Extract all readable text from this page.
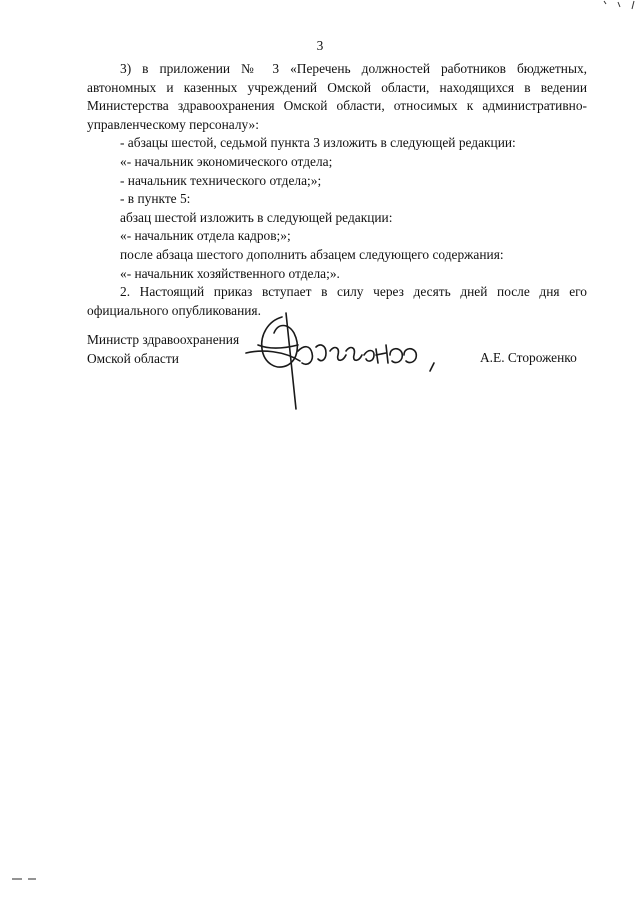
3

3) в приложении № 3 «Перечень должностей работников бюджетных, автономных и казенных учреждений Омской области, находящихся в ведении Министерства здравоохранения Омской области, относимых к административно-управленческому персоналу»:

- абзацы шестой, седьмой пункта 3 изложить в следующей редакции:

«- начальник экономического отдела;

- начальник технического отдела;»;

- в пункте 5:

абзац шестой изложить в следующей редакции:

«- начальник отдела кадров;»;

после абзаца шестого дополнить абзацем следующего содержания:

«- начальник хозяйственного отдела;».

2. Настоящий приказ вступает в силу через десять дней после дня его официального опубликования.

Министр здравоохранения
Омской области	А.Е. Стороженко
